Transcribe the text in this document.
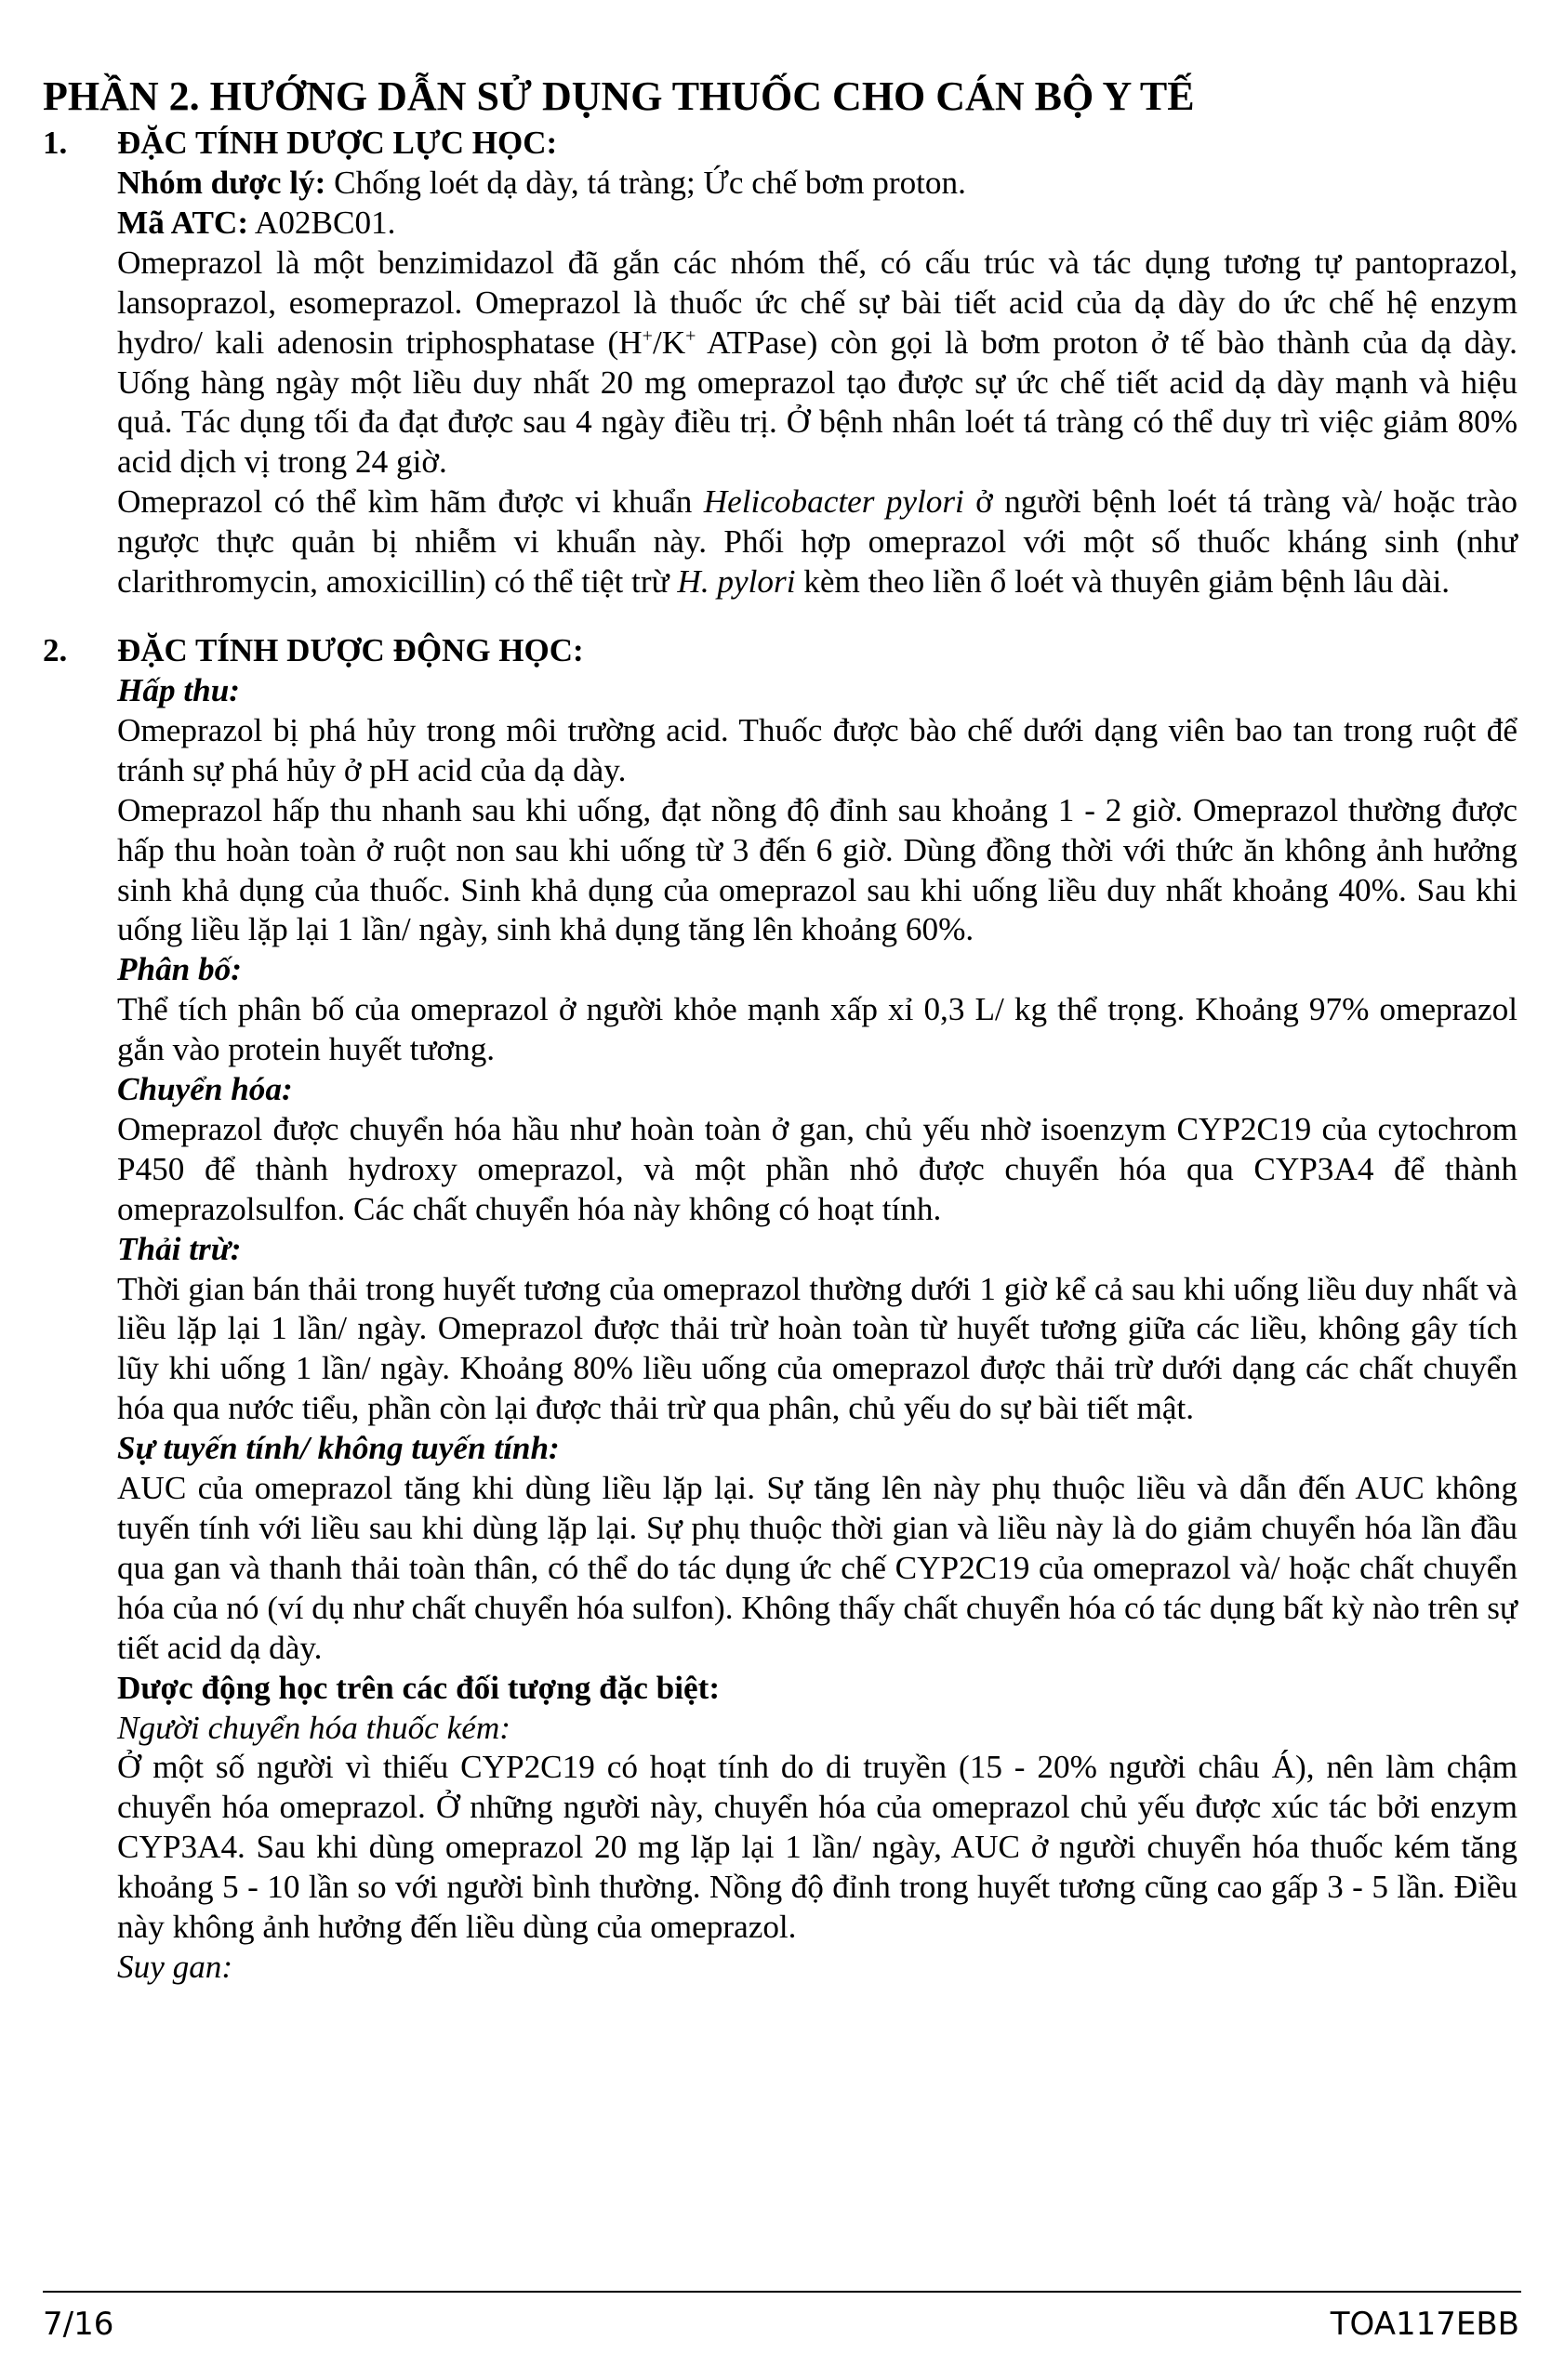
PHẦN 2. HƯỚNG DẪN SỬ DỤNG THUỐC CHO CÁN BỘ Y TẾ
1.	ĐẶC TÍNH DƯỢC LỰC HỌC:

Nhóm dược lý: Chống loét dạ dày, tá tràng; Ức chế bơm proton.

Mã ATC: A02BC01.

Omeprazol là một benzimidazol đã gắn các nhóm thế, có cấu trúc và tác dụng tương tự pantoprazol, lansoprazol, esomeprazol. Omeprazol là thuốc ức chế sự bài tiết acid của dạ dày do ức chế hệ enzym hydro/ kali adenosin triphosphatase (H+/K+ ATPase) còn gọi là bơm proton ở tế bào thành của dạ dày. Uống hàng ngày một liều duy nhất 20 mg omeprazol tạo được sự ức chế tiết acid dạ dày mạnh và hiệu quả. Tác dụng tối đa đạt được sau 4 ngày điều trị. Ở bệnh nhân loét tá tràng có thể duy trì việc giảm 80% acid dịch vị trong 24 giờ.

Omeprazol có thể kìm hãm được vi khuẩn Helicobacter pylori ở người bệnh loét tá tràng và/ hoặc trào ngược thực quản bị nhiễm vi khuẩn này. Phối hợp omeprazol với một số thuốc kháng sinh (như clarithromycin, amoxicillin) có thể tiệt trừ H. pylori kèm theo liền ổ loét và thuyên giảm bệnh lâu dài.

2.	ĐẶC TÍNH DƯỢC ĐỘNG HỌC:

Hấp thu:

Omeprazol bị phá hủy trong môi trường acid. Thuốc được bào chế dưới dạng viên bao tan trong ruột để tránh sự phá hủy ở pH acid của dạ dày.

Omeprazol hấp thu nhanh sau khi uống, đạt nồng độ đỉnh sau khoảng 1 - 2 giờ. Omeprazol thường được hấp thu hoàn toàn ở ruột non sau khi uống từ 3 đến 6 giờ. Dùng đồng thời với thức ăn không ảnh hưởng sinh khả dụng của thuốc. Sinh khả dụng của omeprazol sau khi uống liều duy nhất khoảng 40%. Sau khi uống liều lặp lại 1 lần/ ngày, sinh khả dụng tăng lên khoảng 60%.

Phân bố:

Thể tích phân bố của omeprazol ở người khỏe mạnh xấp xỉ 0,3 L/ kg thể trọng. Khoảng 97% omeprazol gắn vào protein huyết tương.

Chuyển hóa:

Omeprazol được chuyển hóa hầu như hoàn toàn ở gan, chủ yếu nhờ isoenzym CYP2C19 của cytochrom P450 để thành hydroxy omeprazol, và một phần nhỏ được chuyển hóa qua CYP3A4 để thành omeprazolsulfon. Các chất chuyển hóa này không có hoạt tính.

Thải trừ:

Thời gian bán thải trong huyết tương của omeprazol thường dưới 1 giờ kể cả sau khi uống liều duy nhất và liều lặp lại 1 lần/ ngày. Omeprazol được thải trừ hoàn toàn từ huyết tương giữa các liều, không gây tích lũy khi uống 1 lần/ ngày. Khoảng 80% liều uống của omeprazol được thải trừ dưới dạng các chất chuyển hóa qua nước tiểu, phần còn lại được thải trừ qua phân, chủ yếu do sự bài tiết mật.

Sự tuyến tính/ không tuyến tính:

AUC của omeprazol tăng khi dùng liều lặp lại. Sự tăng lên này phụ thuộc liều và dẫn đến AUC không tuyến tính với liều sau khi dùng lặp lại. Sự phụ thuộc thời gian và liều này là do giảm chuyển hóa lần đầu qua gan và thanh thải toàn thân, có thể do tác dụng ức chế CYP2C19 của omeprazol và/ hoặc chất chuyển hóa của nó (ví dụ như chất chuyển hóa sulfon). Không thấy chất chuyển hóa có tác dụng bất kỳ nào trên sự tiết acid dạ dày.

Dược động học trên các đối tượng đặc biệt:

Người chuyển hóa thuốc kém:

Ở một số người vì thiếu CYP2C19 có hoạt tính do di truyền (15 - 20% người châu Á), nên làm chậm chuyển hóa omeprazol. Ở những người này, chuyển hóa của omeprazol chủ yếu được xúc tác bởi enzym CYP3A4. Sau khi dùng omeprazol 20 mg lặp lại 1 lần/ ngày, AUC ở người chuyển hóa thuốc kém tăng khoảng 5 - 10 lần so với người bình thường. Nồng độ đỉnh trong huyết tương cũng cao gấp 3 - 5 lần. Điều này không ảnh hưởng đến liều dùng của omeprazol.

Suy gan:

7/16	TOA117EBB
